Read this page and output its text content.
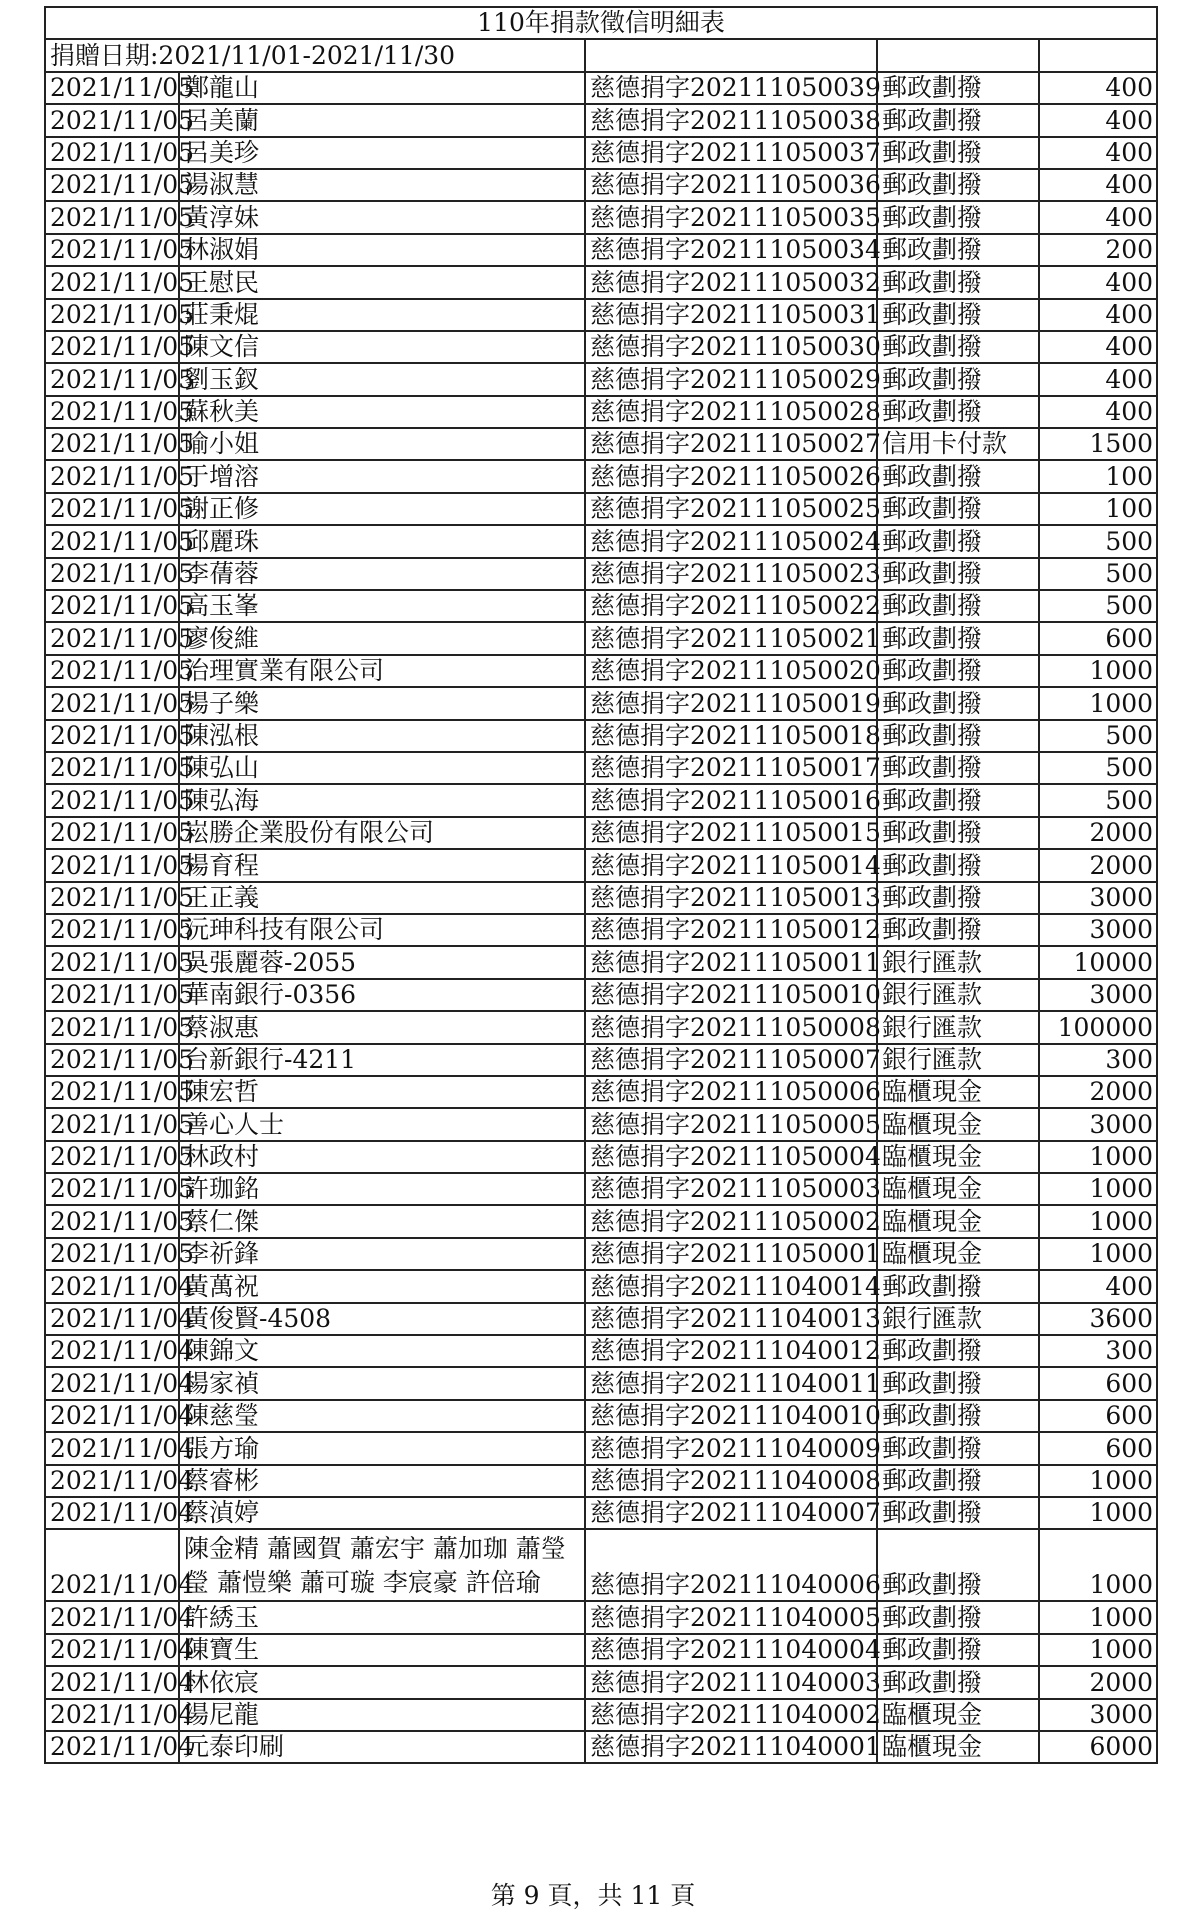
110年捐款徵信明細表				
捐贈日期:2021/11/01-2021/11/30				
2021/11/05	鄭龍山	慈德捐字202111050039	郵政劃撥	400
2021/11/05	呂美蘭	慈德捐字202111050038	郵政劃撥	400
2021/11/05	呂美珍	慈德捐字202111050037	郵政劃撥	400
2021/11/05	湯淑慧	慈德捐字202111050036	郵政劃撥	400
2021/11/05	黃淳妹	慈德捐字202111050035	郵政劃撥	400
2021/11/05	林淑娟	慈德捐字202111050034	郵政劃撥	200
2021/11/05	王慰民	慈德捐字202111050032	郵政劃撥	400
2021/11/05	莊秉焜	慈德捐字202111050031	郵政劃撥	400
2021/11/05	陳文信	慈德捐字202111050030	郵政劃撥	400
2021/11/05	劉玉釵	慈德捐字202111050029	郵政劃撥	400
2021/11/05	蘇秋美	慈德捐字202111050028	郵政劃撥	400
2021/11/05	喻小姐	慈德捐字202111050027	信用卡付款	1500
2021/11/05	于增溶	慈德捐字202111050026	郵政劃撥	100
2021/11/05	謝正修	慈德捐字202111050025	郵政劃撥	100
2021/11/05	邱麗珠	慈德捐字202111050024	郵政劃撥	500
2021/11/05	李蒨蓉	慈德捐字202111050023	郵政劃撥	500
2021/11/05	高玉峯	慈德捐字202111050022	郵政劃撥	500
2021/11/05	廖俊維	慈德捐字202111050021	郵政劃撥	600
2021/11/05	治理實業有限公司	慈德捐字202111050020	郵政劃撥	1000
2021/11/05	楊子樂	慈德捐字202111050019	郵政劃撥	1000
2021/11/05	陳泓根	慈德捐字202111050018	郵政劃撥	500
2021/11/05	陳弘山	慈德捐字202111050017	郵政劃撥	500
2021/11/05	陳弘海	慈德捐字202111050016	郵政劃撥	500
2021/11/05	崧勝企業股份有限公司	慈德捐字202111050015	郵政劃撥	2000
2021/11/05	楊育程	慈德捐字202111050014	郵政劃撥	2000
2021/11/05	王正義	慈德捐字202111050013	郵政劃撥	3000
2021/11/05	沅珅科技有限公司	慈德捐字202111050012	郵政劃撥	3000
2021/11/05	吳張麗蓉-2055	慈德捐字202111050011	銀行匯款	10000
2021/11/05	華南銀行-0356	慈德捐字202111050010	銀行匯款	3000
2021/11/05	蔡淑惠	慈德捐字202111050008	銀行匯款	100000
2021/11/05	台新銀行-4211	慈德捐字202111050007	銀行匯款	300
2021/11/05	陳宏哲	慈德捐字202111050006	臨櫃現金	2000
2021/11/05	善心人士	慈德捐字202111050005	臨櫃現金	3000
2021/11/05	林政村	慈德捐字202111050004	臨櫃現金	1000
2021/11/05	許珈銘	慈德捐字202111050003	臨櫃現金	1000
2021/11/05	蔡仁傑	慈德捐字202111050002	臨櫃現金	1000
2021/11/05	李祈鋒	慈德捐字202111050001	臨櫃現金	1000
2021/11/04	黃萬祝	慈德捐字202111040014	郵政劃撥	400
2021/11/04	黃俊賢-4508	慈德捐字202111040013	銀行匯款	3600
2021/11/04	陳錦文	慈德捐字202111040012	郵政劃撥	300
2021/11/04	楊家禎	慈德捐字202111040011	郵政劃撥	600
2021/11/04	陳慈瑩	慈德捐字202111040010	郵政劃撥	600
2021/11/04	張方瑜	慈德捐字202111040009	郵政劃撥	600
2021/11/04	蔡睿彬	慈德捐字202111040008	郵政劃撥	1000
2021/11/04	蔡湞婷	慈德捐字202111040007	郵政劃撥	1000
2021/11/04	陳金精 蕭國賀 蕭宏宇 蕭加珈 蕭瑩瑩 蕭愷樂 蕭可璇 李宸豪 許倍瑜	慈德捐字202111040006	郵政劃撥	1000
2021/11/04	許綉玉	慈德捐字202111040005	郵政劃撥	1000
2021/11/04	陳寶生	慈德捐字202111040004	郵政劃撥	1000
2021/11/04	林依宸	慈德捐字202111040003	郵政劃撥	2000
2021/11/04	湯尼龍	慈德捐字202111040002	臨櫃現金	3000
2021/11/04	元泰印刷	慈德捐字202111040001	臨櫃現金	6000
第 9 頁，共 11 頁
